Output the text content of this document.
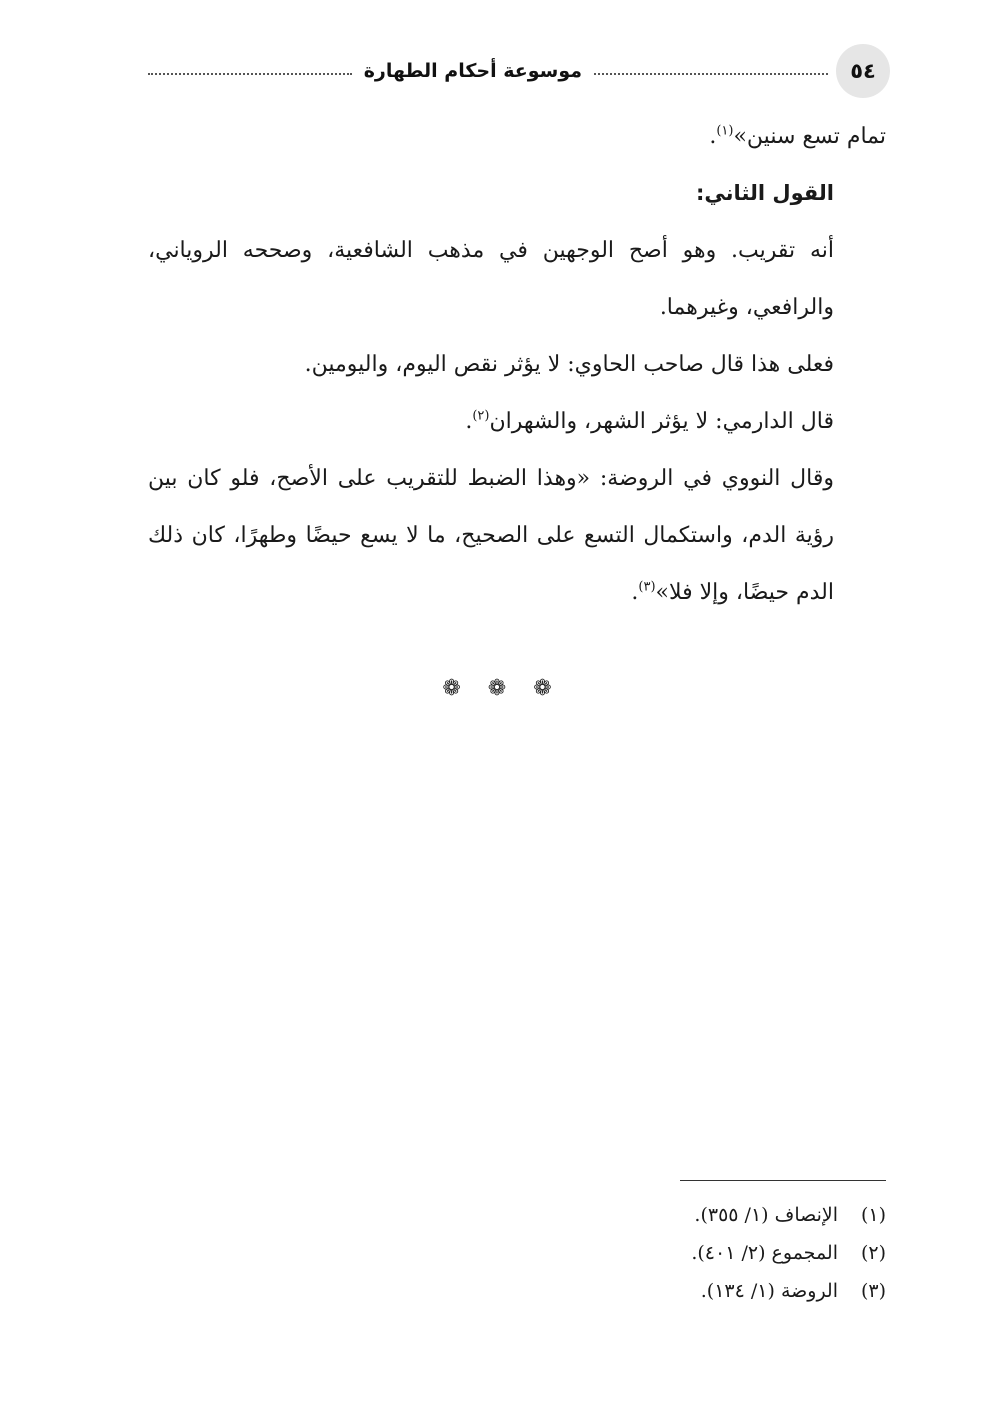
٥٤
موسوعة أحكام الطهارة

تمام تسع سنين»$^{(١)}$.

القول الثاني:

أنه تقريب. وهو أصح الوجهين في مذهب الشافعية، وصححه الروياني، والرافعي، وغيرهما.

فعلى هذا قال صاحب الحاوي: لا يؤثر نقص اليوم، واليومين.

قال الدارمي: لا يؤثر الشهر، والشهران$^{(٢)}$.

وقال النووي في الروضة: «وهذا الضبط للتقريب على الأصح، فلو كان بين رؤية الدم، واستكمال التسع على الصحيح، ما لا يسع حيضًا وطهرًا، كان ذلك الدم حيضًا، وإلا فلا»$^{(٣)}$.

❁ ❁ ❁
(١)
الإنصاف (١/ ٣٥٥).
(٢)
المجموع (٢/ ٤٠١).
(٣)
الروضة (١/ ١٣٤).
